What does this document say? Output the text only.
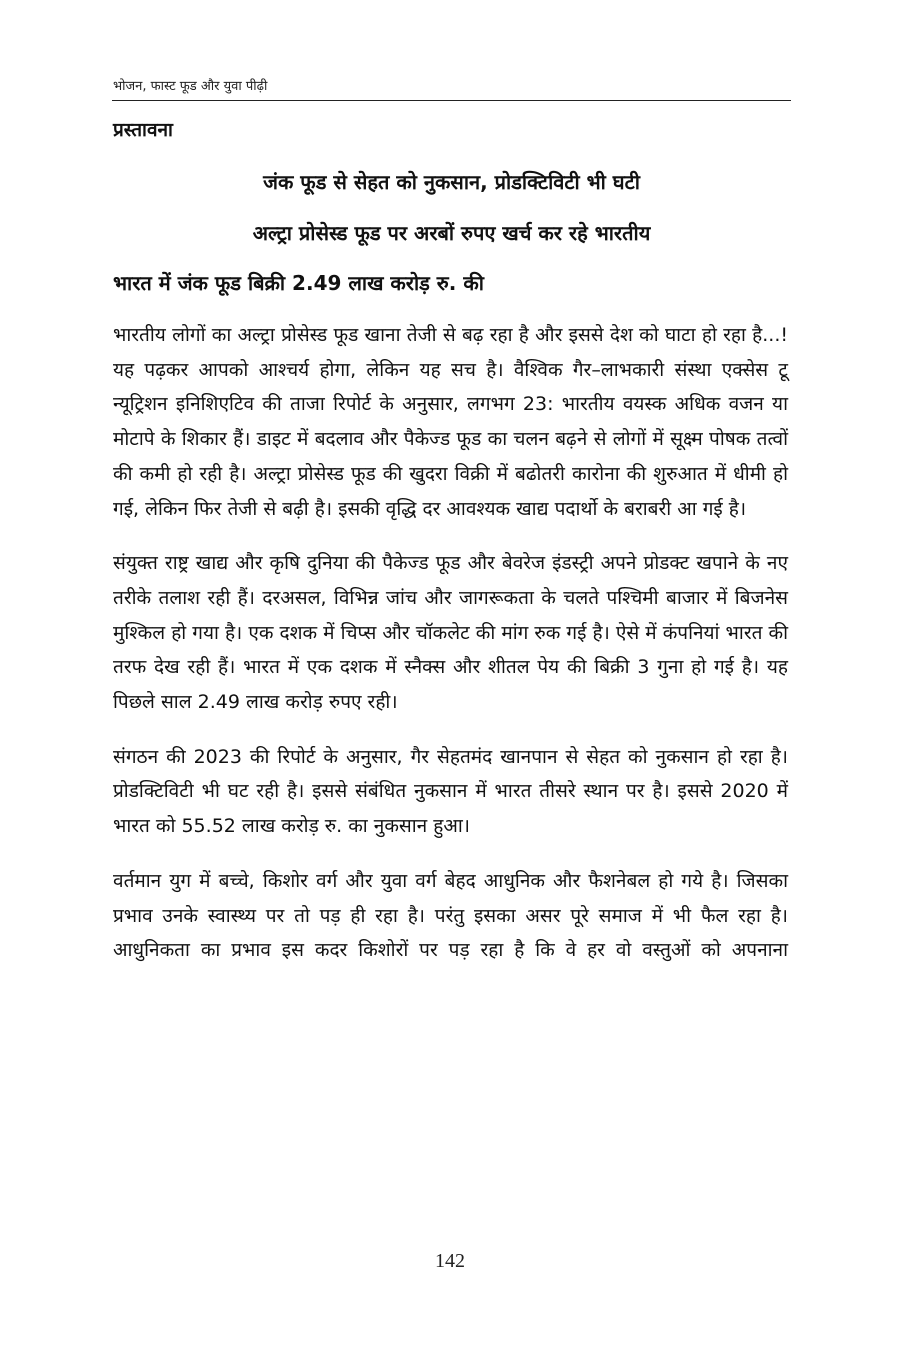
भोजन, फास्ट फूड और युवा पीढ़ी
प्रस्तावना
जंक फूड से सेहत को नुकसान, प्रोडक्टिविटी भी घटी
अल्ट्रा प्रोसेस्ड फूड पर अरबों रुपए खर्च कर रहे भारतीय
भारत में जंक फूड बिक्री 2.49 लाख करोड़ रु. की

भारतीय लोगों का अल्ट्रा प्रोसेस्ड फूड खाना तेजी से बढ़ रहा है और इससे देश को घाटा हो रहा है...! यह पढ़कर आपको आश्चर्य होगा, लेकिन यह सच है। वैश्विक गैर–लाभकारी संस्था एक्सेस टू न्यूट्रिशन इनिशिएटिव की ताजा रिपोर्ट के अनुसार, लगभग 23: भारतीय वयस्क अधिक वजन या मोटापे के शिकार हैं। डाइट में बदलाव और पैकेज्ड फूड का चलन बढ़ने से लोगों में सूक्ष्म पोषक तत्वों की कमी हो रही है। अल्ट्रा प्रोसेस्ड फूड की खुदरा विक्री में बढोतरी कारोना की शुरुआत में धीमी हो गई, लेकिन फिर तेजी से बढ़ी है। इसकी वृद्धि दर आवश्यक खाद्य पदार्थो के बराबरी आ गई है।

संयुक्त राष्ट्र खाद्य और कृषि दुनिया की पैकेज्ड फूड और बेवरेज इंडस्ट्री अपने प्रोडक्ट खपाने के नए तरीके तलाश रही हैं। दरअसल, विभिन्न जांच और जागरूकता के चलते पश्चिमी बाजार में बिजनेस मुश्किल हो गया है। एक दशक में चिप्स और चॉकलेट की मांग रुक गई है। ऐसे में कंपनियां भारत की तरफ देख रही हैं। भारत में एक दशक में स्नैक्स और शीतल पेय की बिक्री 3 गुना हो गई है। यह पिछले साल 2.49 लाख करोड़ रुपए रही।

संगठन की 2023 की रिपोर्ट के अनुसार, गैर सेहतमंद खानपान से सेहत को नुकसान हो रहा है। प्रोडक्टिविटी भी घट रही है। इससे संबंधित नुकसान में भारत तीसरे स्थान पर है। इससे 2020 में भारत को 55.52 लाख करोड़ रु. का नुकसान हुआ।

वर्तमान युग में बच्चे, किशोर वर्ग और युवा वर्ग बेहद आधुनिक और फैशनेबल हो गये है। जिसका प्रभाव उनके स्वास्थ्य पर तो पड़ ही रहा है। परंतु इसका असर पूरे समाज में भी फैल रहा है। आधुनिकता का प्रभाव इस कदर किशोरों पर पड़ रहा है कि वे हर वो वस्तुओं को अपनाना

142
